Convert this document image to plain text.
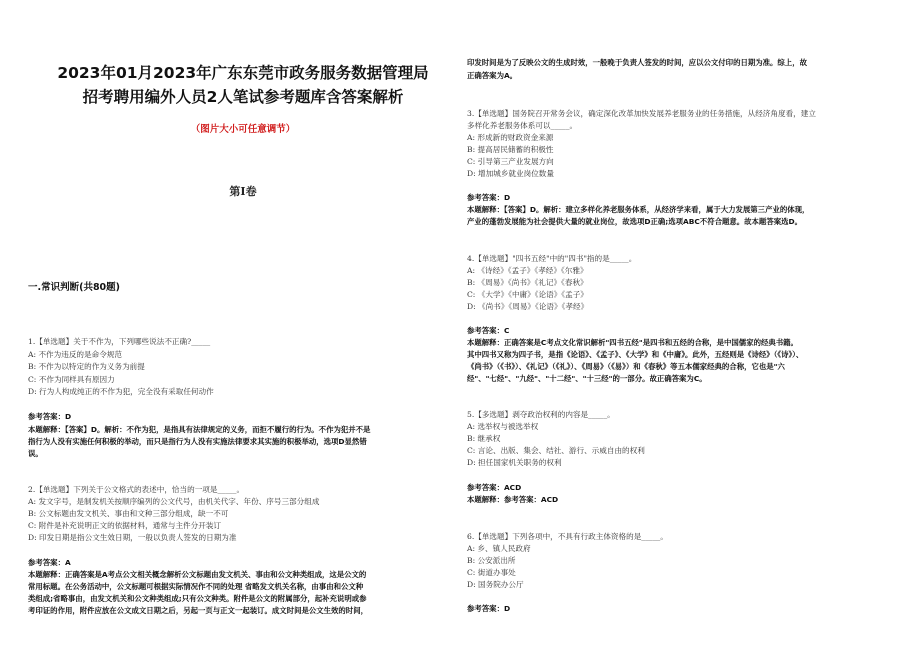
2023年01月2023年广东东莞市政务服务数据管理局
招考聘用编外人员2人笔试参考题库含答案解析
（图片大小可任意调节）
第I卷
一.常识判断(共80题)
1.【单选题】关于不作为，下列哪些说法不正确?_____
A: 不作为违反的是命令规范
B: 不作为以特定的作为义务为前提
C: 不作为同样具有原因力
D: 行为人构成纯正的不作为犯，完全没有采取任何动作
参考答案：D
本题解释：【答案】D。解析：不作为犯，是指具有法律规定的义务，而拒不履行的行为。不作为犯并不是
指行为人没有实施任何积极的举动，而只是指行为人没有实施法律要求其实施的积极举动，选项D显然错
误。
2.【单选题】下列关于公文格式的表述中，恰当的一项是_____。
A: 发文字号，是制发机关按顺序编列的公文代号，由机关代字、年份、序号三部分组成
B: 公文标题由发文机关、事由和文种三部分组成，缺一不可
C: 附件是补充说明正文的依据材料，通常与主件分开装订
D: 印发日期是指公文生效日期，一般以负责人签发的日期为准
参考答案：A
本题解释：正确答案是A考点公文相关概念解析公文标题由发文机关、事由和公文种类组成，这是公文的
常用标题。在公务活动中，公文标题可根据实际情况作不同的处理 省略发文机关名称，由事由和公文种
类组成;省略事由，由发文机关和公文种类组成;只有公文种类。附件是公文的附属部分，起补充说明或参
考印证的作用，附件应放在公文成文日期之后，另起一页与正文一起装订。成文时间是公文生效的时间，
印发时间是为了反映公文的生成时效，一般晚于负责人签发的时间，应以公文付印的日期为准。综上，故
正确答案为A。
3.【单选题】国务院召开常务会议，确定深化改革加快发展养老服务业的任务措施，从经济角度看，建立
多样化养老服务体系可以_____。
A: 形成新的财政资金来源
B: 提高居民储蓄的积极性
C: 引导第三产业发展方向
D: 增加城乡就业岗位数量
参考答案：D
本题解释：【答案】D。解析：建立多样化养老服务体系，从经济学来看，属于大力发展第三产业的体现，
产业的蓬勃发展能为社会提供大量的就业岗位，故选项D正确;选项ABC不符合题意。故本题答案选D。
4.【单选题】"四书五经"中的"四书"指的是_____。
A: 《诗经》《孟子》《孝经》《尔雅》
B: 《周易》《尚书》《礼记》《春秋》
C: 《大学》《中庸》《论语》《孟子》
D: 《尚书》《周易》《论语》《孝经》
参考答案：C
本题解释：正确答案是C考点文化常识解析"四书五经"是四书和五经的合称，是中国儒家的经典书籍。
其中四书又称为四子书，是指《论语》、《孟子》、《大学》和《中庸》。此外，五经则是《诗经》（《诗》）、
《尚书》（《书》）、《礼记》（《礼》）、《周易》（《易》）和《春秋》等五本儒家经典的合称，它也是"六
经"、"七经"、"九经"、"十二经"、"十三经"的一部分。故正确答案为C。
5.【多选题】剥夺政治权利的内容是_____。
A: 选举权与被选举权
B: 继承权
C: 言论、出版、集会、结社、游行、示威自由的权利
D: 担任国家机关职务的权利
参考答案：ACD
本题解释：参考答案：ACD
6.【单选题】下列各项中，不具有行政主体资格的是_____。
A: 乡、镇人民政府
B: 公安派出所
C: 街道办事处
D: 国务院办公厅
参考答案：D
